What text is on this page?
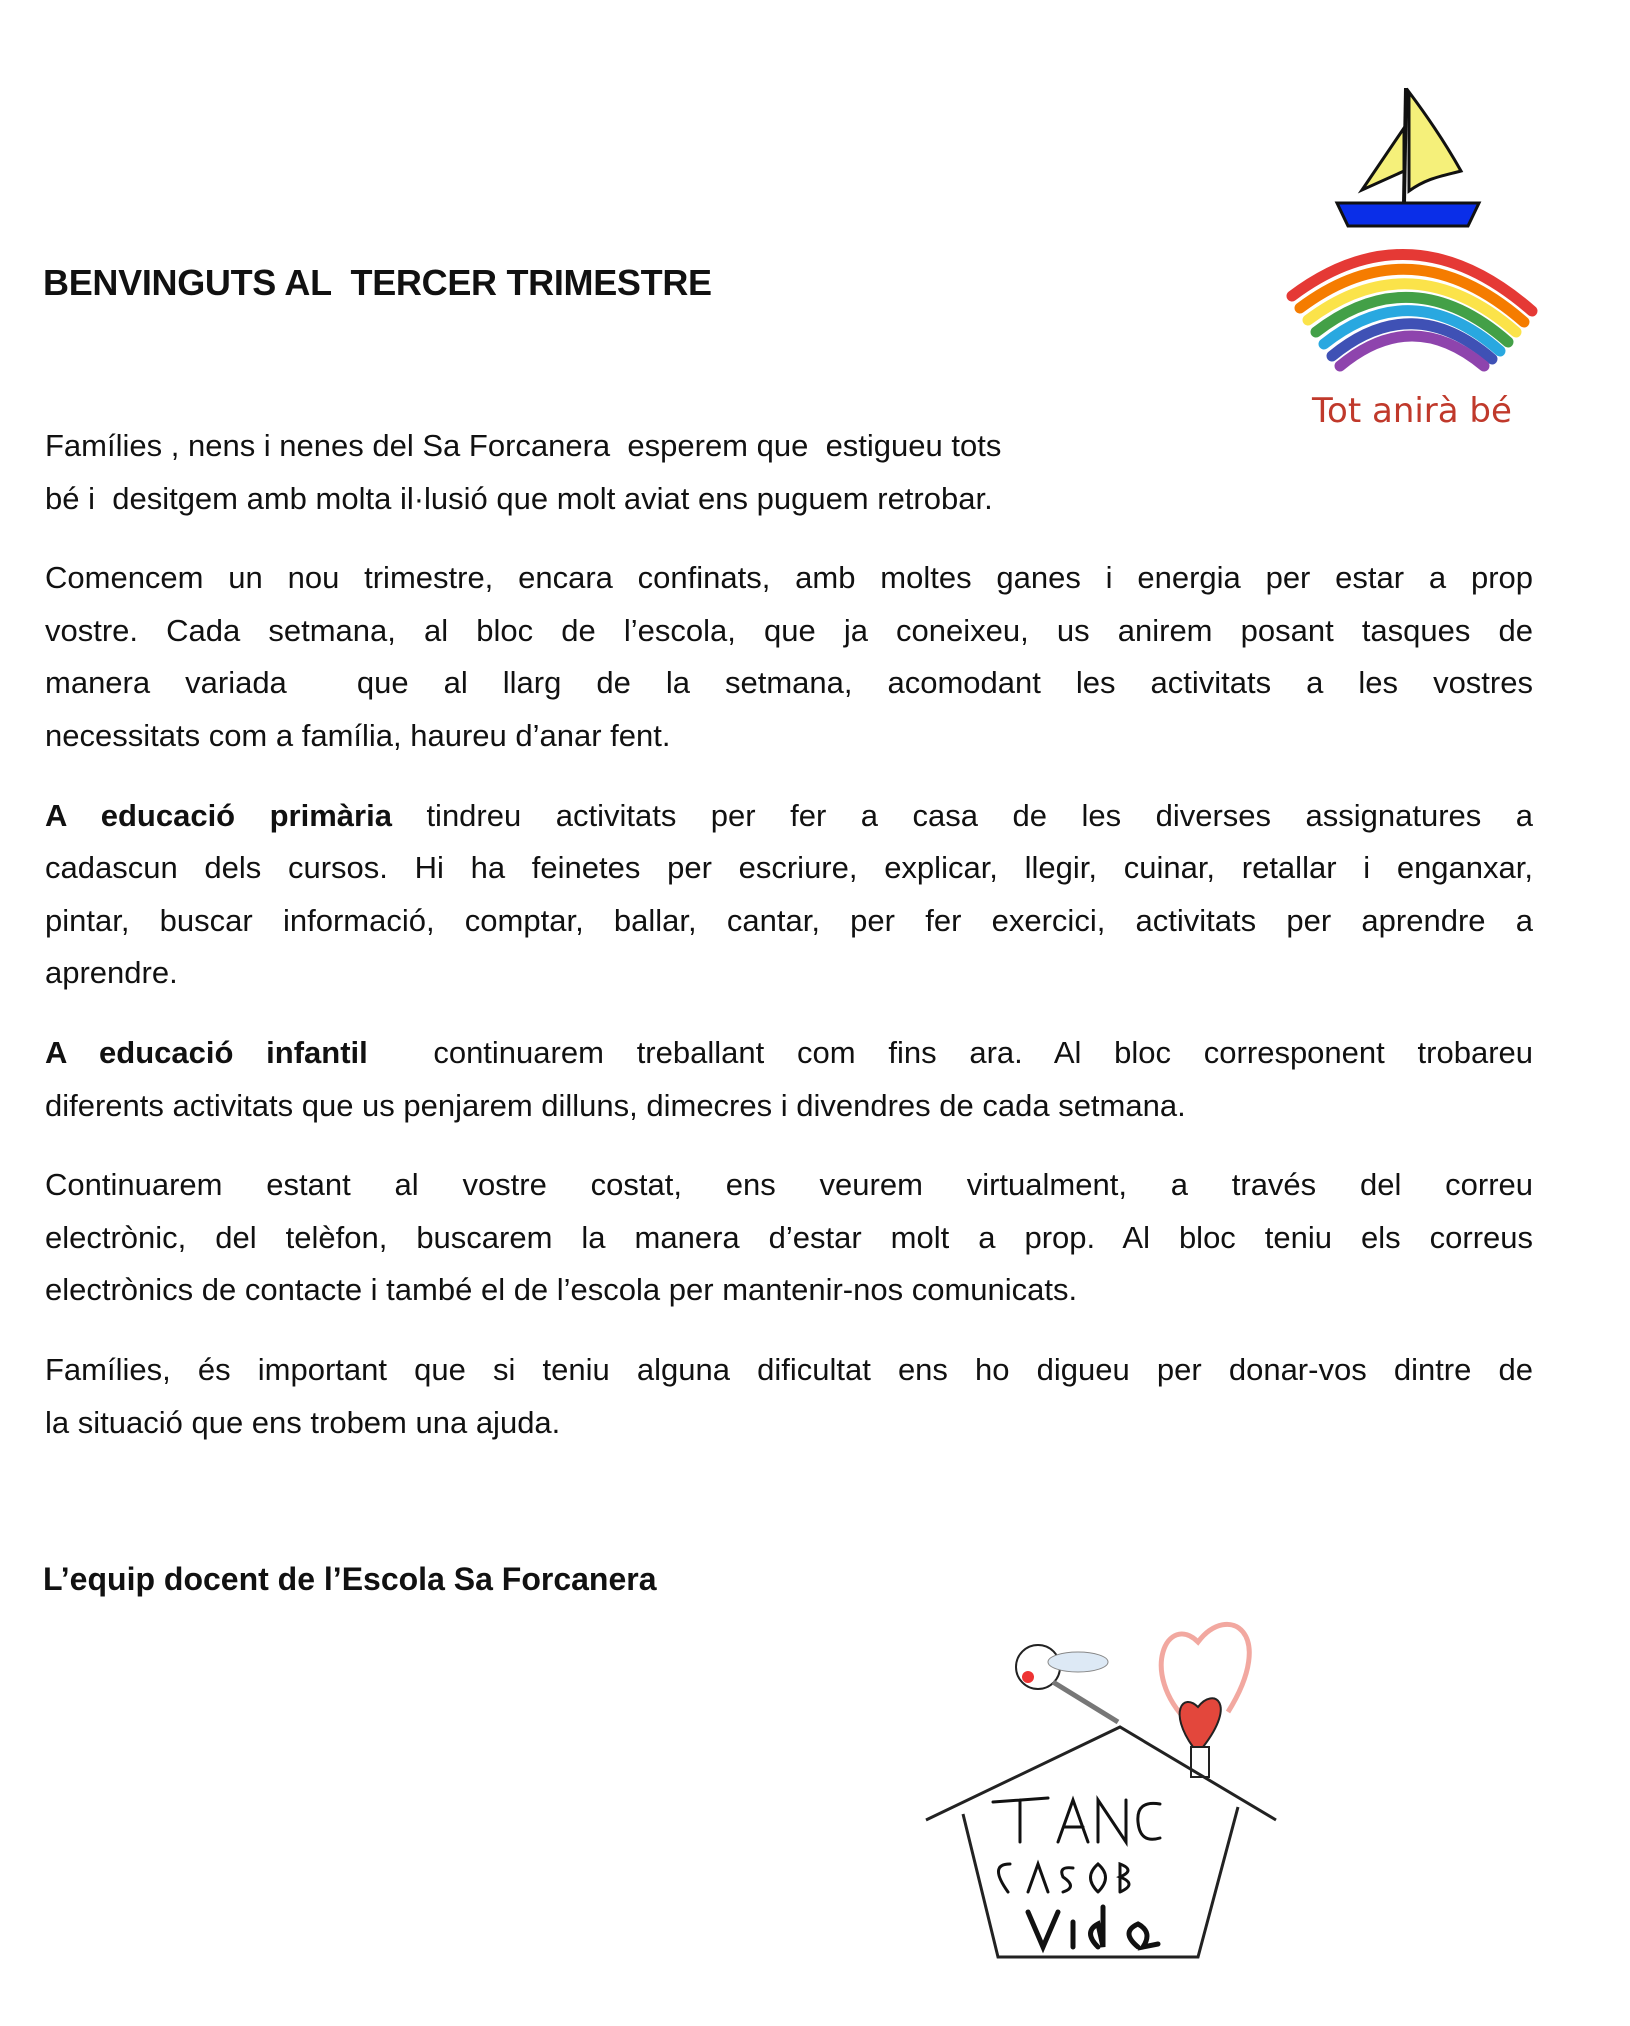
BENVINGUTS AL  TERCER TRIMESTRE
Tot anirà bé
Famílies , nens i nenes del Sa Forcanera  esperem que  estigueu tots
bé i  desitgem amb molta il·lusió que molt aviat ens puguem retrobar.
Comencem un nou trimestre, encara confinats, amb moltes ganes i energia per estar a prop
vostre. Cada setmana, al bloc de l’escola, que ja coneixeu, us anirem posant tasques de
manera variada  que al llarg de la setmana, acomodant les activitats a les vostres
necessitats com a família, haureu d’anar fent.
A educació primària tindreu activitats per fer a casa de les diverses assignatures a
cadascun dels cursos. Hi ha feinetes per escriure, explicar, llegir, cuinar, retallar i enganxar,
pintar, buscar informació, comptar, ballar, cantar, per fer exercici, activitats per aprendre a
aprendre.
A educació infantil  continuarem treballant com fins ara. Al bloc corresponent trobareu
diferents activitats que us penjarem dilluns, dimecres i divendres de cada setmana.
Continuarem estant al vostre costat, ens veurem virtualment, a través del correu
electrònic, del telèfon, buscarem la manera d’estar molt a prop. Al bloc teniu els correus
electrònics de contacte i també el de l’escola per mantenir-nos comunicats.
Famílies, és important que si teniu alguna dificultat ens ho digueu per donar-vos dintre de
la situació que ens trobem una ajuda.
L’equip docent de l’Escola Sa Forcanera
